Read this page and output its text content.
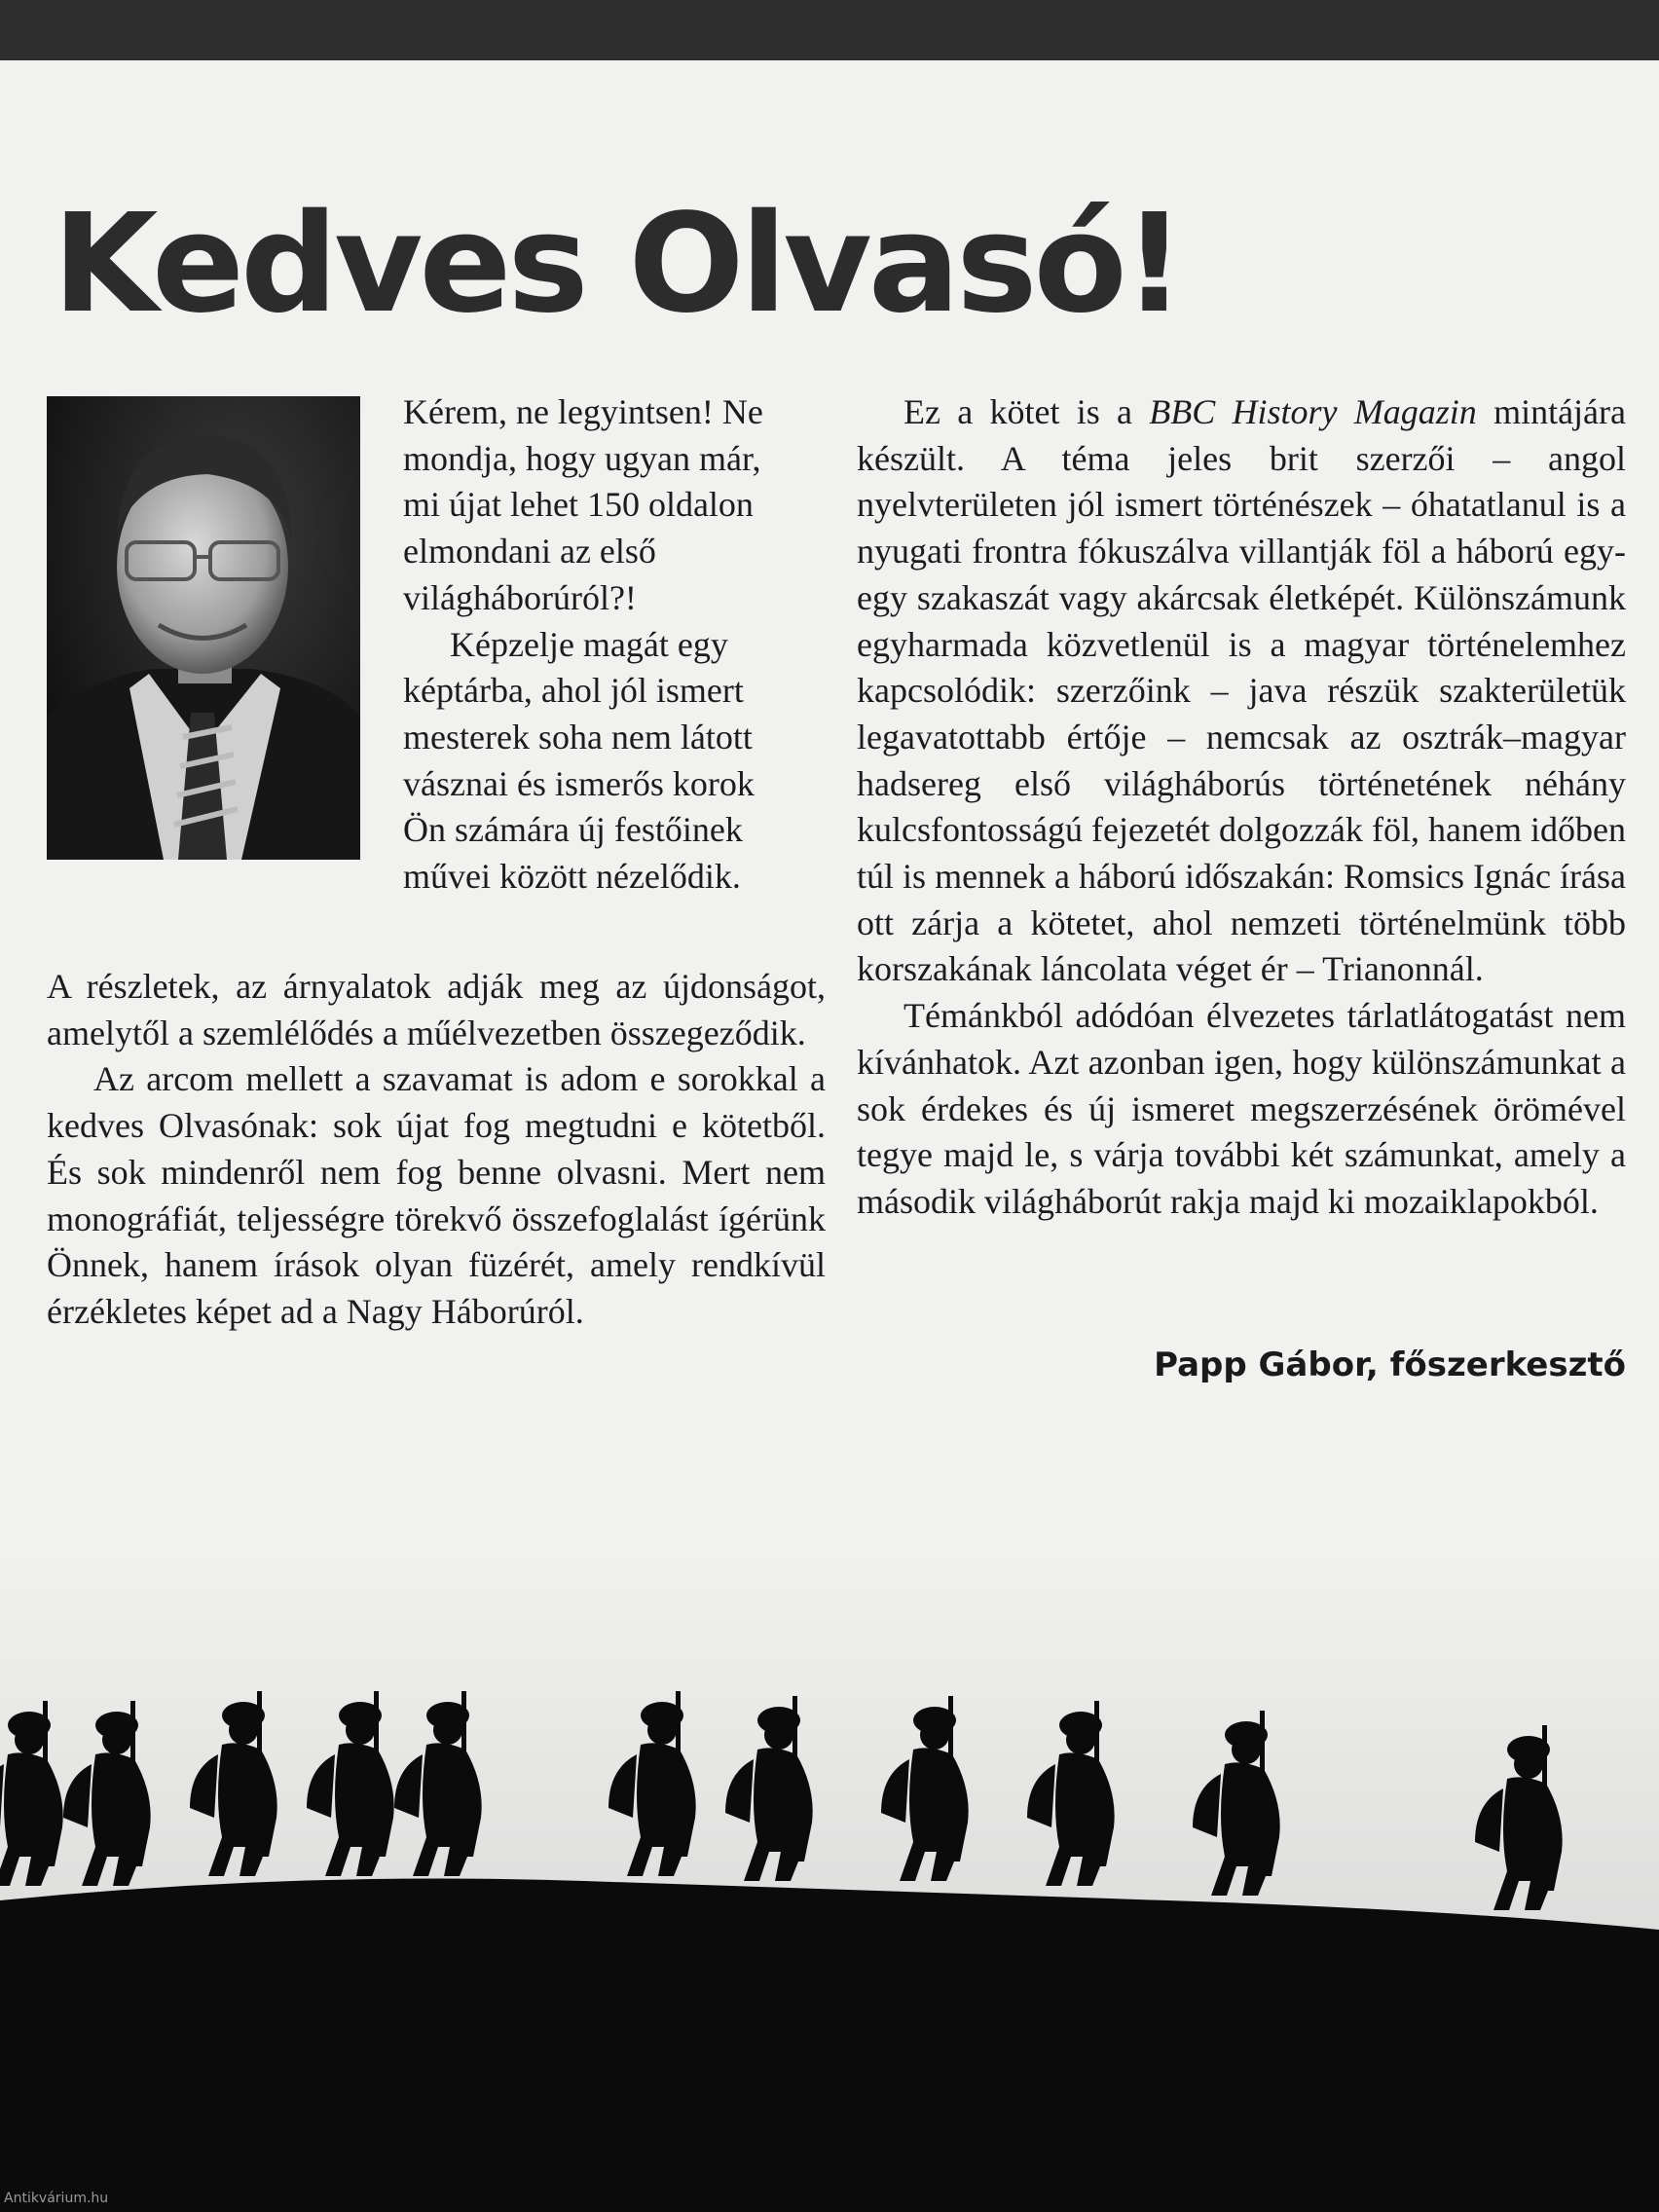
Kedves Olvasó!

Kérem, ne legyintsen! Ne mondja, hogy ugyan már, mi újat lehet 150 oldalon elmondani az első világháborúról?!

Képzelje magát egy képtárba, ahol jól ismert mesterek soha nem látott vásznai és ismerős korok Ön számára új festőinek művei között nézelődik.

A részletek, az árnyalatok adják meg az újdonságot, amelytől a szemlélődés a műélvezetben összegeződik.

Az arcom mellett a szavamat is adom e sorokkal a kedves Olvasónak: sok újat fog megtudni e kötetből. És sok mindenről nem fog benne olvasni. Mert nem monográfiát, teljességre törekvő összefoglalást ígérünk Önnek, hanem írások olyan füzérét, amely rendkívül érzékletes képet ad a Nagy Háborúról.

Ez a kötet is a BBC History Magazin mintájára készült. A téma jeles brit szerzői – angol nyelvterületen jól ismert történészek – óhatatlanul is a nyugati frontra fókuszálva villantják föl a háború egy-egy szakaszát vagy akárcsak életképét. Különszámunk egyharmada közvetlenül is a magyar történelemhez kapcsolódik: szerzőink – java részük szakterületük legavatottabb értője – nemcsak az osztrák–magyar hadsereg első világháborús történetének néhány kulcsfontosságú fejezetét dolgozzák föl, hanem időben túl is mennek a háború időszakán: Romsics Ignác írása ott zárja a kötetet, ahol nemzeti történelmünk több korszakának láncolata véget ér – Trianonnál.

Témánkból adódóan élvezetes tárlatlátogatást nem kívánhatok. Azt azonban igen, hogy különszámunkat a sok érdekes és új ismeret megszerzésének örömével tegye majd le, s várja további két számunkat, amely a második világháborút rakja majd ki mozaiklapokból.

Papp Gábor, főszerkesztő
Antikvárium.hu
